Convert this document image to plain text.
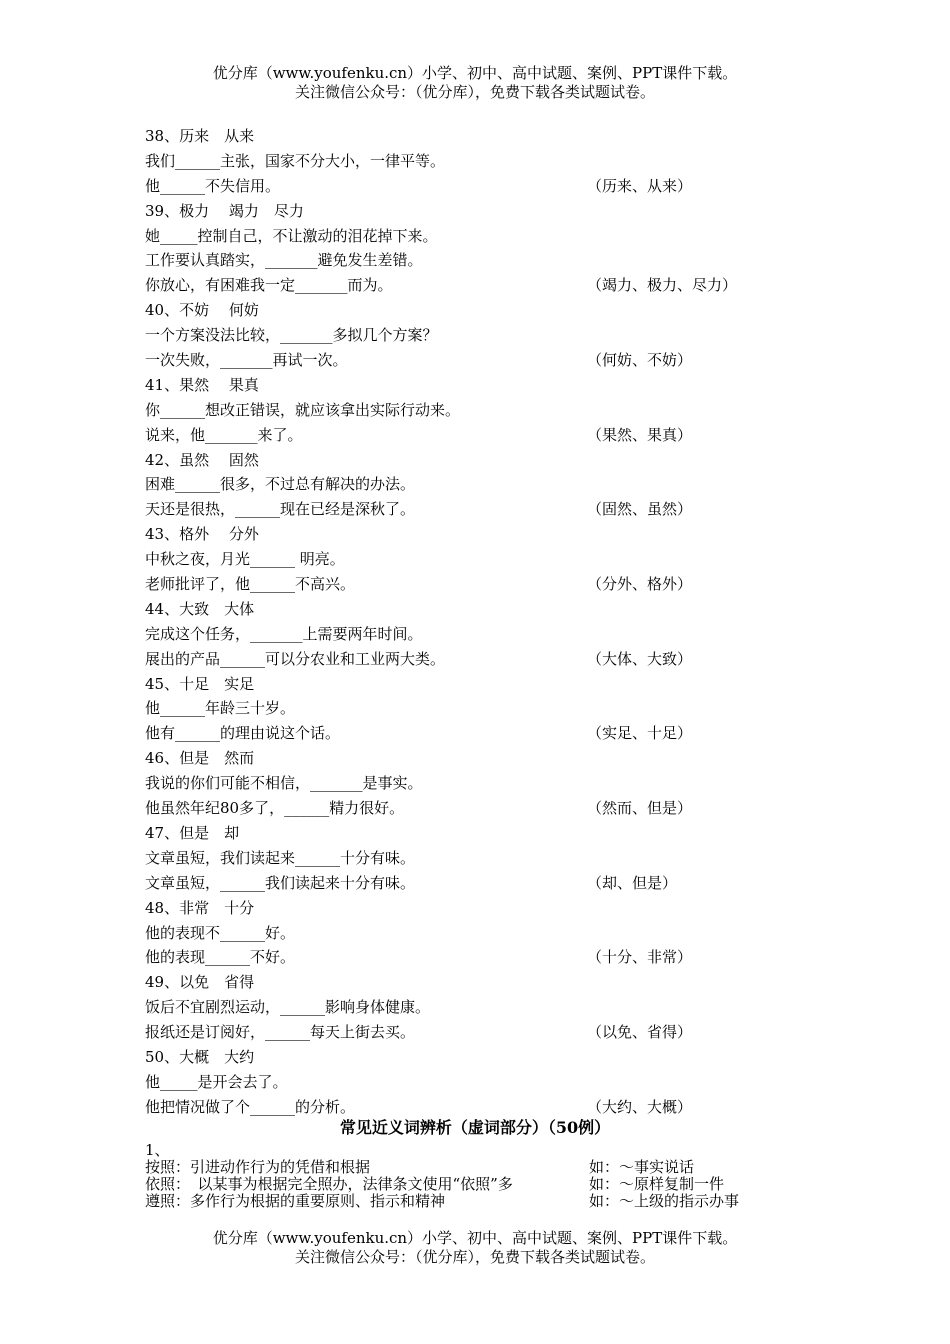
优分库（www.youfenku.cn）小学、初中、高中试题、案例、PPT课件下载。
关注微信公众号：（优分库），免费下载各类试题试卷。
38、历来　从来
我们______主张，国家不分大小，一律平等。
他______不失信用。	（历来、从来）
39、极力　 竭力　尽力
她_____控制自己，不让激动的泪花掉下来。
工作要认真踏实，_______避免发生差错。
你放心，有困难我一定_______而为。	（竭力、极力、尽力）
40、不妨　 何妨
一个方案没法比较，_______多拟几个方案？
一次失败，_______再试一次。	（何妨、不妨）
41、果然　 果真
你______想改正错误，就应该拿出实际行动来。
说来，他_______来了。	（果然、果真）
42、虽然　 固然
困难______很多，不过总有解决的办法。
天还是很热，______现在已经是深秋了。	（固然、虽然）
43、格外　 分外
中秋之夜，月光______ 明亮。
老师批评了，他______不高兴。	（分外、格外）
44、大致　大体
完成这个任务，_______上需要两年时间。
展出的产品______可以分农业和工业两大类。	（大体、大致）
45、十足　实足
他______年龄三十岁。
他有______的理由说这个话。	（实足、十足）
46、但是　然而
我说的你们可能不相信，_______是事实。
他虽然年纪80多了，______精力很好。	（然而、但是）
47、但是　却
文章虽短，我们读起来______十分有味。
文章虽短，______我们读起来十分有味。	（却、但是）
48、非常　十分
他的表现不______好。
他的表现______不好。	（十分、非常）
49、以免　省得
饭后不宜剧烈运动，______影响身体健康。
报纸还是订阅好，______每天上街去买。	（以免、省得）
50、大概　大约
他_____是开会去了。
他把情况做了个______的分析。	（大约、大概）
常见近义词辨析（虚词部分）（50例）
1、
按照：引进动作行为的凭借和根据	如：～事实说话
依照：　以某事为根据完全照办，法律条文使用“依照”多	如：～原样复制一件
遵照：多作行为根据的重要原则、指示和精神	如：～上级的指示办事
优分库（www.youfenku.cn）小学、初中、高中试题、案例、PPT课件下载。
关注微信公众号：（优分库），免费下载各类试题试卷。
